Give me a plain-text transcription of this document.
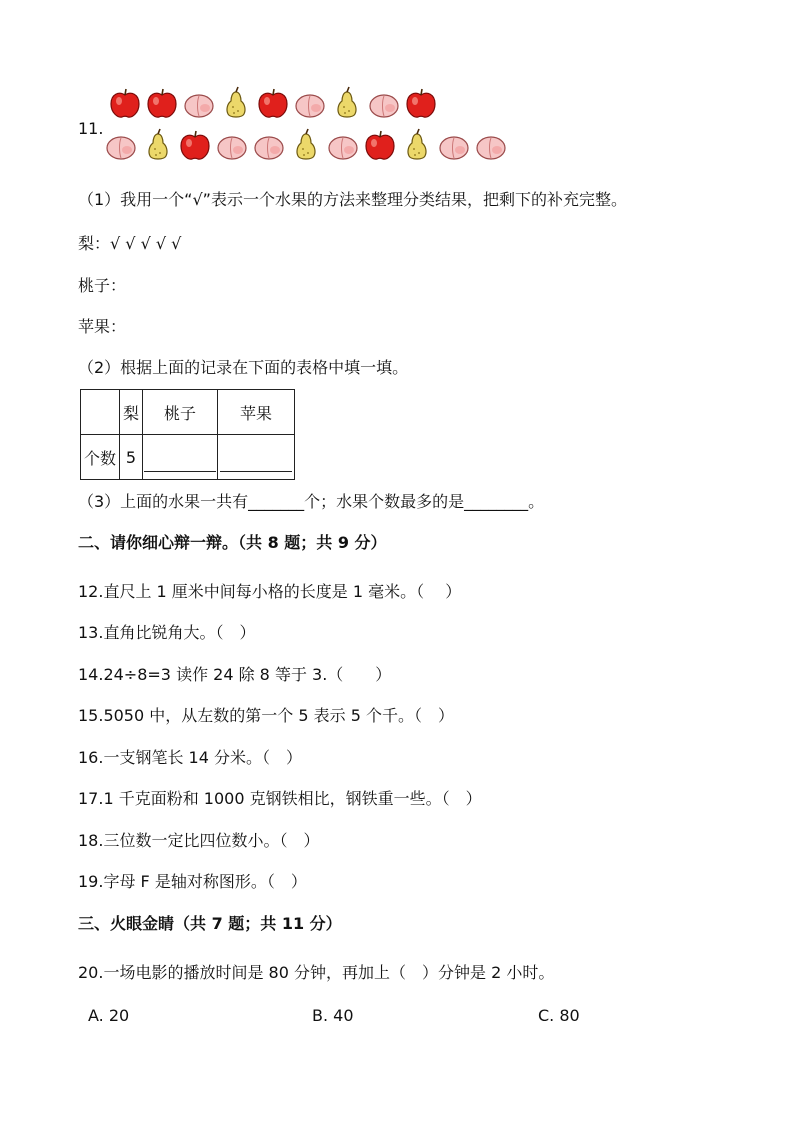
11.
（1）我用一个“√”表示一个水果的方法来整理分类结果，把剩下的补充完整。
梨：√ √ √ √ √
桃子：
苹果：
（2）根据上面的记录在下面的表格中填一填。
	梨	桃子	苹果
个数	5		
（3）上面的水果一共有_______个；水果个数最多的是________。
二、请你细心辩一辩。（共 8 题；共 9 分）
12.直尺上 1 厘米中间每小格的长度是 1 毫米。（　 ）
13.直角比锐角大。（　）
14.24÷8=3 读作 24 除 8 等于 3.（　　）
15.5050 中，从左数的第一个 5 表示 5 个千。（　）
16.一支钢笔长 14 分米。（　）
17.1 千克面粉和 1000 克钢铁相比，钢铁重一些。（　）
18.三位数一定比四位数小。（　）
19.字母 F 是轴对称图形。（　）
三、火眼金睛（共 7 题；共 11 分）
20.一场电影的播放时间是 80 分钟，再加上（　）分钟是 2 小时。
A. 20	B. 40	C. 80
